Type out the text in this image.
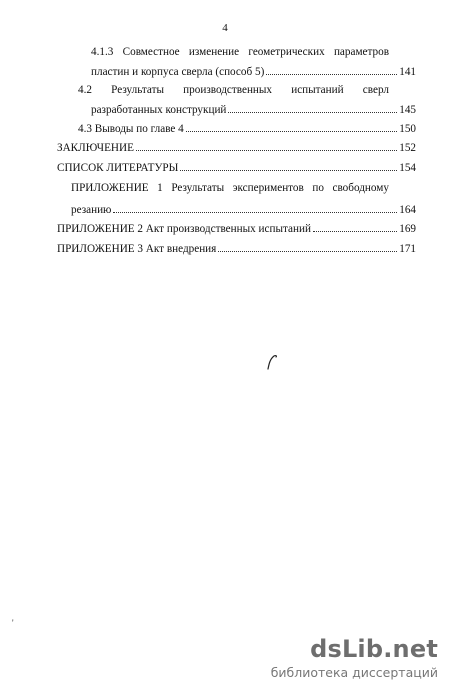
4
4.1.3 Совместное изменение геометрических параметров
пластин и корпуса сверла (способ 5)	141
4.2 Результаты производственных испытаний сверл
разработанных конструкций	145
4.3 Выводы по главе 4	150
ЗАКЛЮЧЕНИЕ	152
СПИСОК ЛИТЕРАТУРЫ	154
ПРИЛОЖЕНИЕ 1 Результаты экспериментов по свободному
резанию	164
ПРИЛОЖЕНИЕ 2 Акт производственных испытаний	169
ПРИЛОЖЕНИЕ 3 Акт внедрения	171
'
dsLib.net
библиотека диссертаций
